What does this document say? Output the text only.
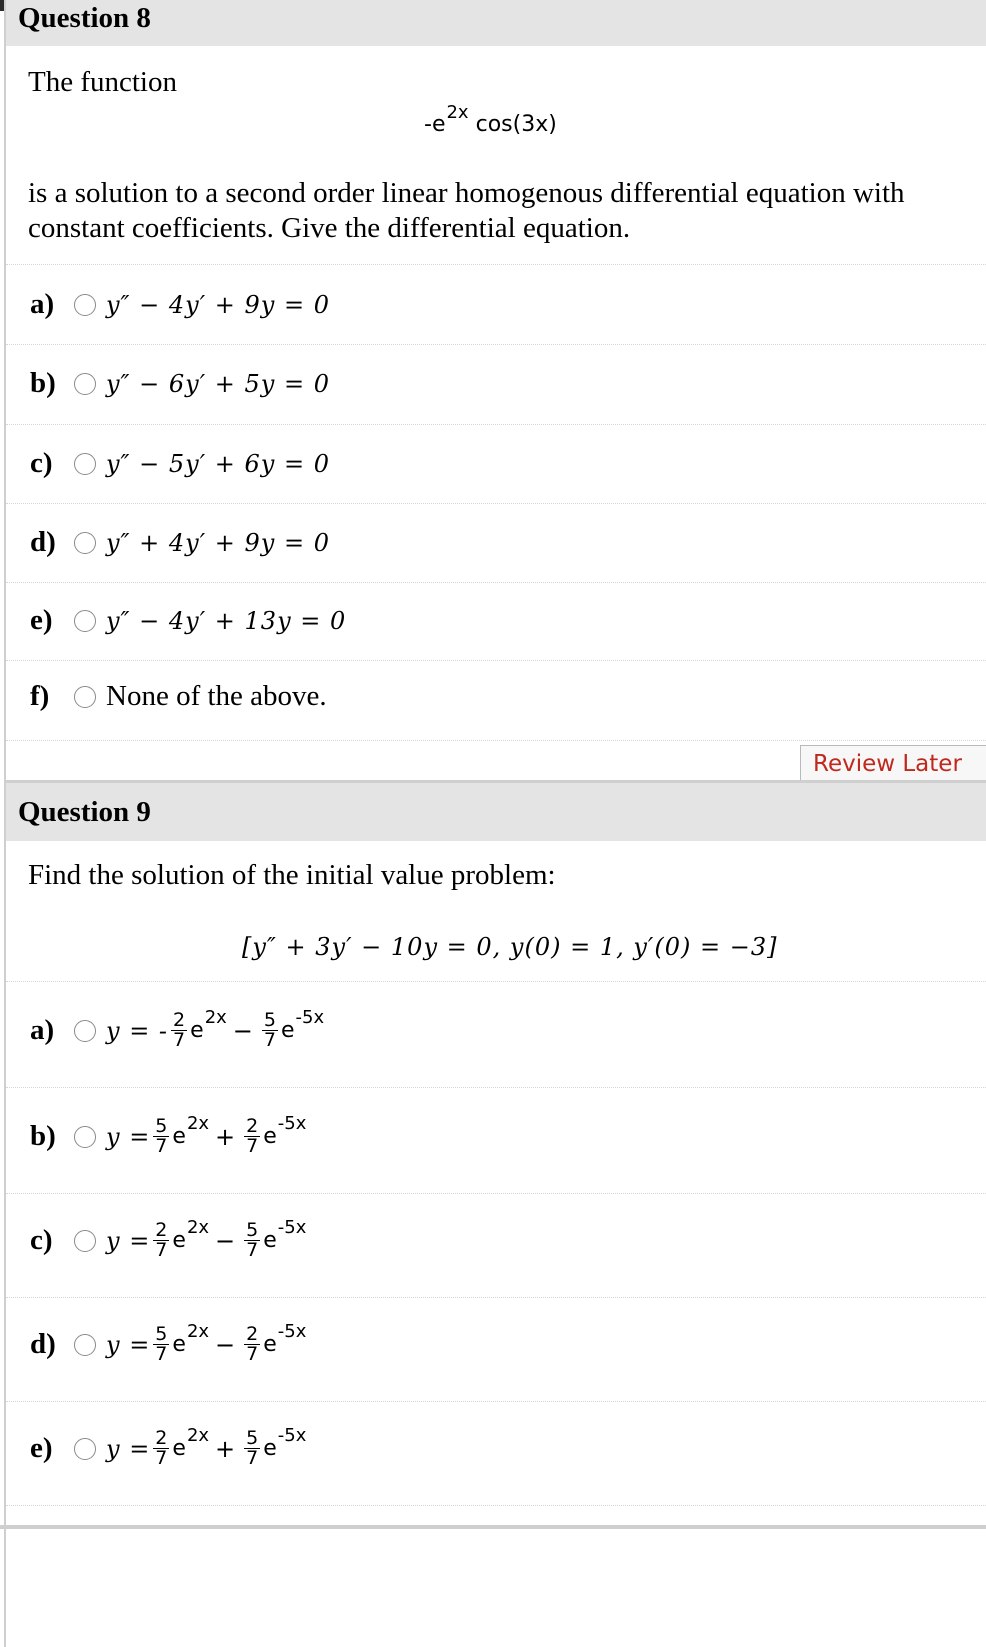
Question 8
The function
$-e^{2x}$ cos(3x)
is a solution to a second order linear homogenous differential equation with constant coefficients. Give the differential equation.
a)	y″ − 4y′ + 9y = 0
b)	y″ − 6y′ + 5y = 0
c)	y″ − 5y′ + 6y = 0
d)	y″ + 4y′ + 9y = 0
e)	y″ − 4y′ + 13y = 0
f)	None of the above.
Review Later
Question 9
Find the solution of the initial value problem:
[y″ + 3y′ − 10y = 0, y(0) = 1, y′(0) = −3]
a)	y = - $\frac{2}{7}$ e
$2x - \frac{5}{7}$ e
-5x
b)	$y = \frac{5}{7}$ e
$2x + \frac{2}{7}$ e
-5x
c)	$y = \frac{2}{7}$ e
$2x - \frac{5}{7}$ e
-5x
d)	$y = \frac{5}{7}$ e
$2x - \frac{2}{7}$ e
-5x
e)	$y = \frac{2}{7}$ e
$2x + \frac{5}{7}$ e
-5x
